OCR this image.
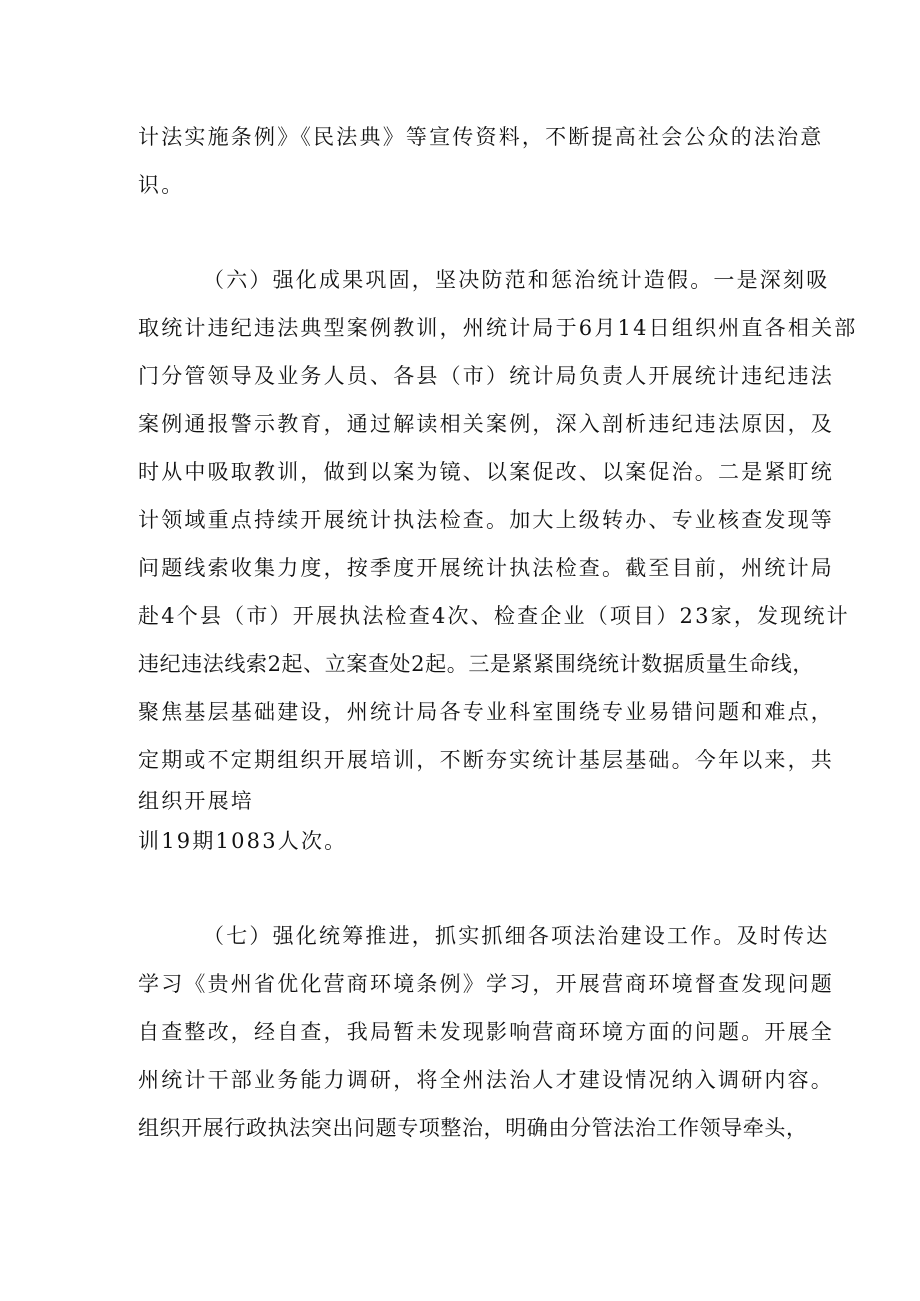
计法实施条例》《民法典》等宣传资料，不断提高社会公众的法治意
识。
（六）强化成果巩固，坚决防范和惩治统计造假。一是深刻吸
取统计违纪违法典型案例教训，州统计局于6月14日组织州直各相关部
门分管领导及业务人员、各县（市）统计局负责人开展统计违纪违法
案例通报警示教育，通过解读相关案例，深入剖析违纪违法原因，及
时从中吸取教训，做到以案为镜、以案促改、以案促治。二是紧盯统
计领域重点持续开展统计执法检查。加大上级转办、专业核查发现等
问题线索收集力度，按季度开展统计执法检查。截至目前，州统计局
赴4个县（市）开展执法检查4次、检查企业（项目）23家，发现统计
违纪违法线索2起、立案查处2起。三是紧紧围绕统计数据质量生命线，
聚焦基层基础建设，州统计局各专业科室围绕专业易错问题和难点，
定期或不定期组织开展培训，不断夯实统计基层基础。今年以来，共
组织开展培
训19期1083人次。
（七）强化统筹推进，抓实抓细各项法治建设工作。及时传达
学习《贵州省优化营商环境条例》学习，开展营商环境督查发现问题
自查整改，经自查，我局暂未发现影响营商环境方面的问题。开展全
州统计干部业务能力调研，将全州法治人才建设情况纳入调研内容。
组织开展行政执法突出问题专项整治，明确由分管法治工作领导牵头，
